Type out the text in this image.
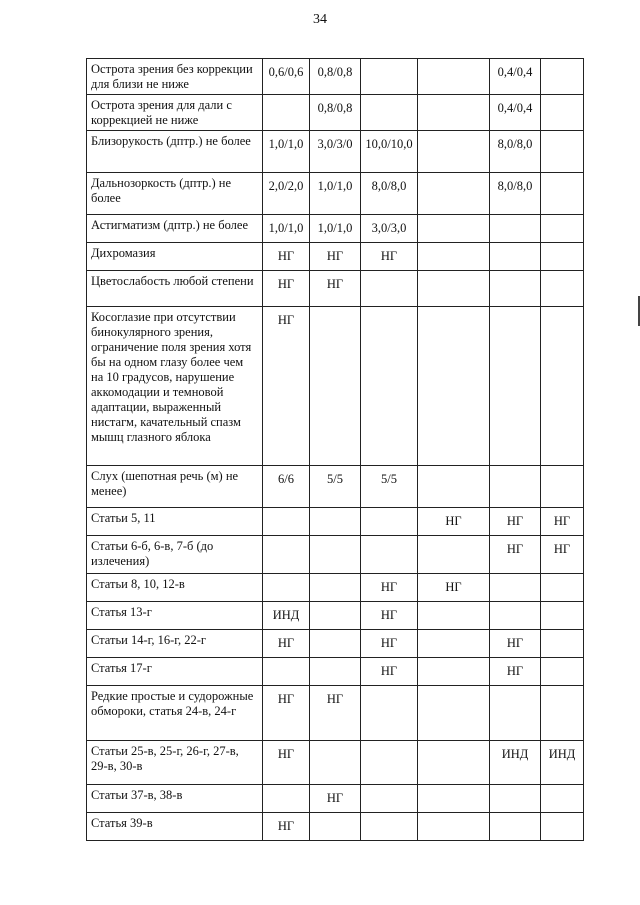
34
Острота зрения без коррекции для близи не ниже	0,6/0,6	0,8/0,8			0,4/0,4	
Острота зрения для дали с коррекцией не ниже		0,8/0,8			0,4/0,4	
Близорукость (дптр.) не более	1,0/1,0	3,0/3/0	10,0/10,0		8,0/8,0	
Дальнозоркость (дптр.) не более	2,0/2,0	1,0/1,0	8,0/8,0		8,0/8,0	
Астигматизм (дптр.) не более	1,0/1,0	1,0/1,0	3,0/3,0			
Дихромазия	НГ	НГ	НГ			
Цветослабость любой степени	НГ	НГ				
Косоглазие при отсутствии бинокулярного зрения, ограничение поля зрения хотя бы на одном глазу более чем на 10 градусов, нарушение аккомодации и темновой адаптации, выраженный нистагм, качательный спазм мышц глазного яблока	НГ					
Слух (шепотная речь (м) не менее)	6/6	5/5	5/5			
Статьи 5, 11				НГ	НГ	НГ
Статьи 6-б, 6-в, 7-б (до излечения)					НГ	НГ
Статьи 8, 10, 12-в			НГ	НГ		
Статья 13-г	ИНД		НГ			
Статьи 14-г, 16-г, 22-г	НГ		НГ		НГ	
Статья 17-г			НГ		НГ	
Редкие простые и судорожные обмороки, статья 24-в, 24-г	НГ	НГ				
Статьи 25-в, 25-г, 26-г, 27-в, 29-в, 30-в	НГ				ИНД	ИНД
Статьи 37-в, 38-в		НГ				
Статья 39-в	НГ					
